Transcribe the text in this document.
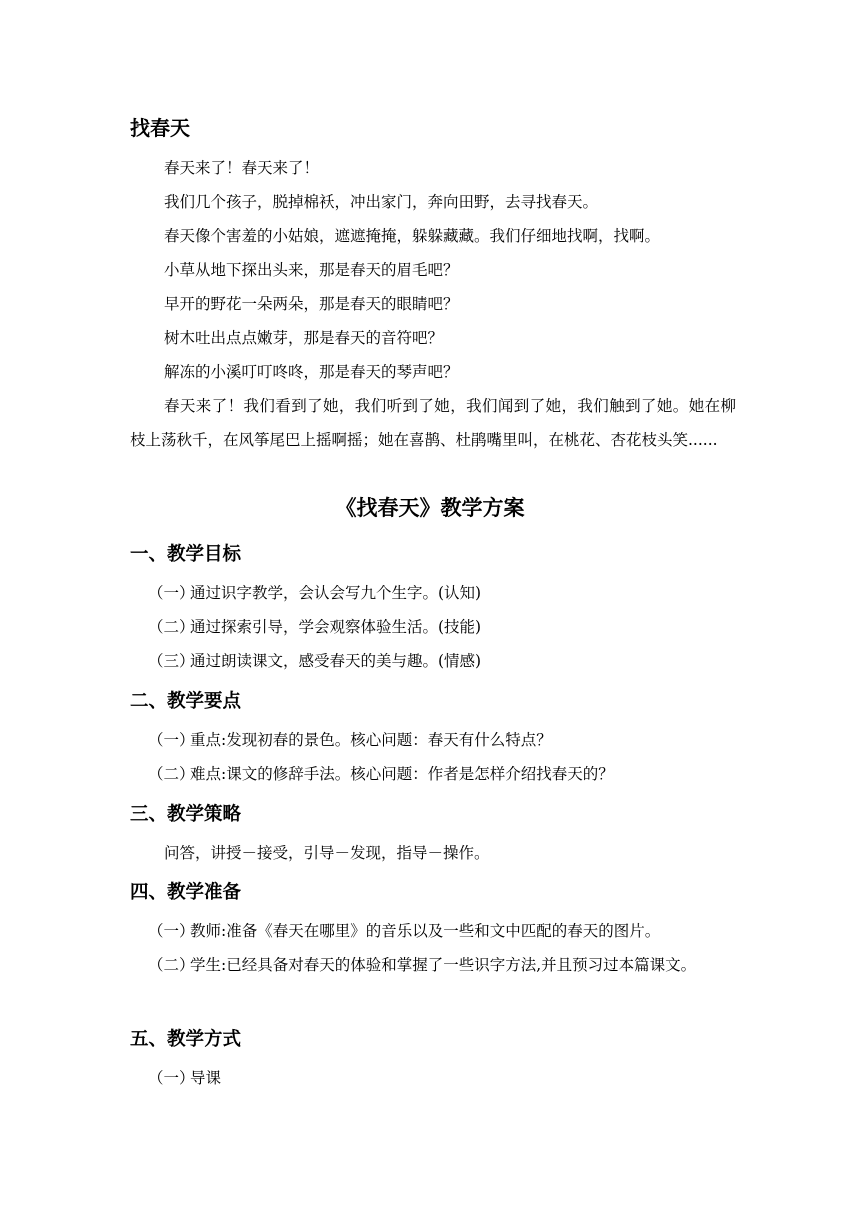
找春天

春天来了！春天来了！

我们几个孩子，脱掉棉袄，冲出家门，奔向田野，去寻找春天。

春天像个害羞的小姑娘，遮遮掩掩，躲躲藏藏。我们仔细地找啊，找啊。

小草从地下探出头来，那是春天的眉毛吧？

早开的野花一朵两朵，那是春天的眼睛吧？

树木吐出点点嫩芽，那是春天的音符吧？

解冻的小溪叮叮咚咚，那是春天的琴声吧？

春天来了！我们看到了她，我们听到了她，我们闻到了她，我们触到了她。她在柳枝上荡秋千，在风筝尾巴上摇啊摇；她在喜鹊、杜鹃嘴里叫，在桃花、杏花枝头笑......

《找春天》教学方案
一、教学目标
（一）通过识字教学，会认会写九个生字。(认知)
（二）通过探索引导，学会观察体验生活。(技能)
（三）通过朗读课文，感受春天的美与趣。(情感)
二、教学要点
（一）重点:发现初春的景色。核心问题：春天有什么特点？
（二）难点:课文的修辞手法。核心问题：作者是怎样介绍找春天的？
三、教学策略
问答，讲授－接受，引导－发现，指导－操作。
四、教学准备
（一）教师:准备《春天在哪里》的音乐以及一些和文中匹配的春天的图片。

（二）学生:已经具备对春天的体验和掌握了一些识字方法,并且预习过本篇课文。

五、教学方式
（一）导课
